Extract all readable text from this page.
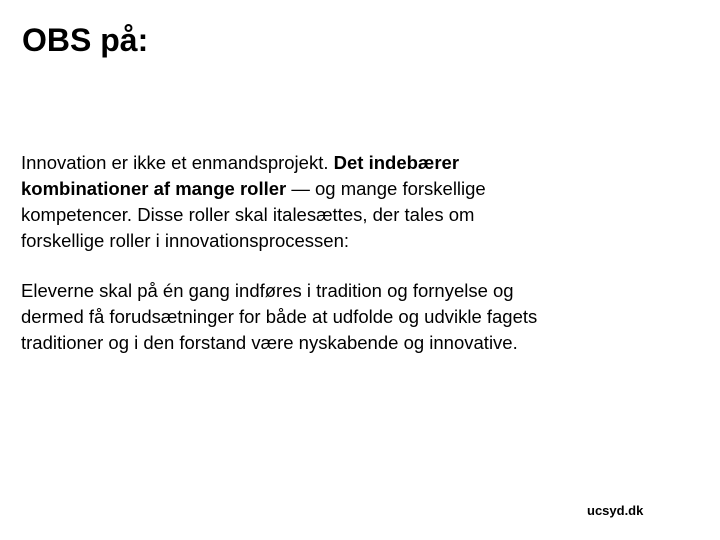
OBS på:

Innovation er ikke et enmandsprojekt. Det indebærer kombinationer af mange roller — og mange forskellige kompetencer. Disse roller skal italesættes, der tales om forskellige roller i innovationsprocessen:

Eleverne skal på én gang indføres i tradition og fornyelse og dermed få forudsætninger for både at udfolde og udvikle fagets traditioner og i den forstand være nyskabende og innovative.

ucsyd.dk
